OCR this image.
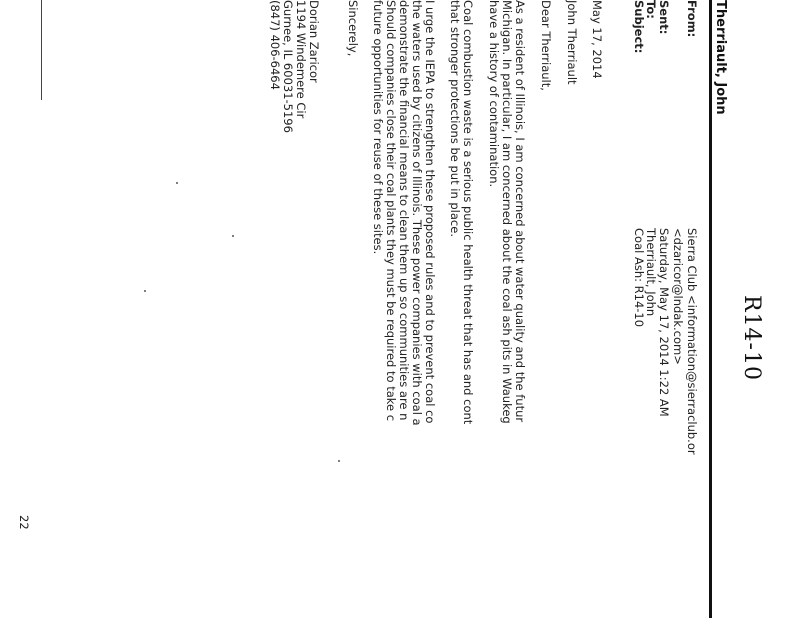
R14-10
Therriault, John
From:
Sierra Club <information@sierraclub.or
<dzaricor@lndak.com>
Sent:
Saturday, May 17, 2014 1:22 AM
To:
Therriault, John
Subject:
Coal Ash: R14-10
May 17, 2014
John Therriault
Dear Therriault,
As a resident of Illinois, I am concerned about water quality and the futur
Michigan. In particular, I am concerned about the coal ash pits in Waukeg
have a history of contamination.
Coal combustion waste is a serious public health threat that has and cont
that stronger protections be put in place.
I urge the IEPA to strengthen these proposed rules and to prevent coal co
the waters used by citizens of Illinois. These power companies with coal a
demonstrate the financial means to clean them up so communities are n
Should companies close their coal plants they must be required to take c
future opportunities for reuse of these sites.
Sincerely,
Dorian Zaricor
1194 Windemere Cir
Gurnee, IL 60031-5196
(847) 406-6464
22
